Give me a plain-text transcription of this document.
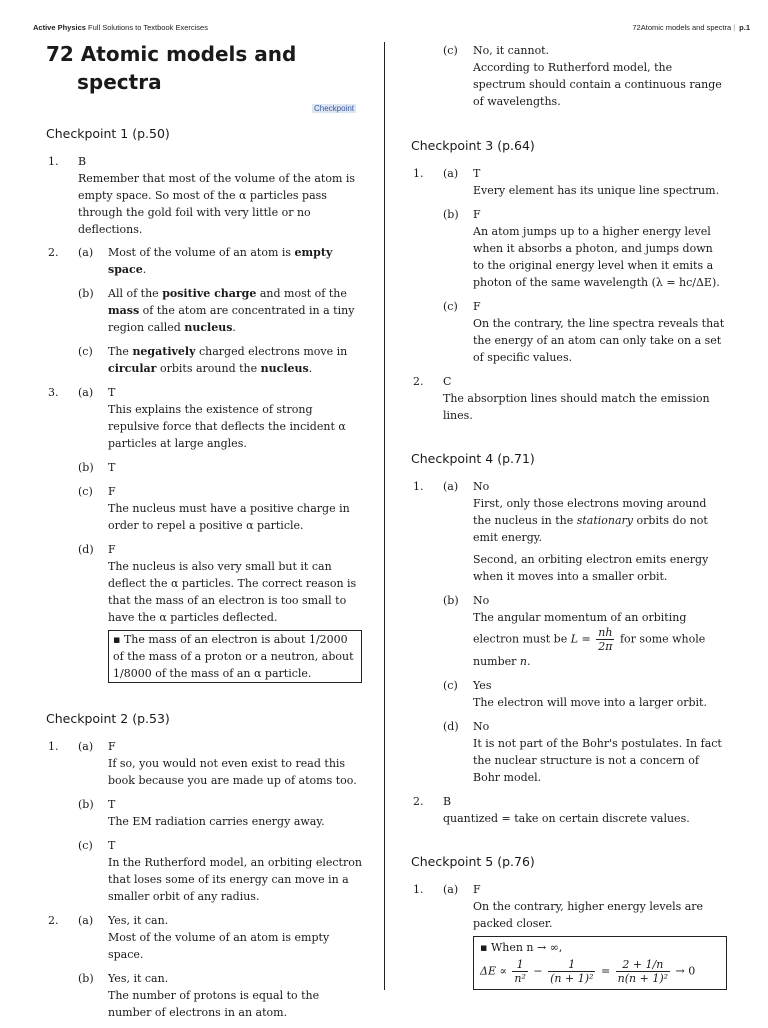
Active Physics Full Solutions to Textbook Exercises	72Atomic models and spectra | p.1
72 Atomic models and
spectra
Checkpoint
Checkpoint 1 (p.50)
1. B
Remember that most of the volume of the atom is empty space. So most of the α particles pass through the gold foil with very little or no deflections.
2. (a) Most of the volume of an atom is empty space.
(b) All of the positive charge and most of the mass of the atom are concentrated in a tiny region called nucleus.
(c) The negatively charged electrons move in circular orbits around the nucleus.
3. (a) T
This explains the existence of strong repulsive force that deflects the incident α particles at large angles.
(b) T
(c) F
The nucleus must have a positive charge in order to repel a positive α particle.
(d) F
The nucleus is also very small but it can deflect the α particles. The correct reason is that the mass of an electron is too small to have the α particles deflected.
▪ The mass of an electron is about 1/2000 of the mass of a proton or a neutron, about 1/8000 of the mass of an α particle.
Checkpoint 2 (p.53)
1. (a) F
If so, you would not even exist to read this book because you are made up of atoms too.
(b) T
The EM radiation carries energy away.
(c) T
In the Rutherford model, an orbiting electron that loses some of its energy can move in a smaller orbit of any radius.
2. (a) Yes, it can.
Most of the volume of an atom is empty space.
(b) Yes, it can.
The number of protons is equal to the number of electrons in an atom.
(c) No, it cannot.
According to Rutherford model, the spectrum should contain a continuous range of wavelengths.
Checkpoint 3 (p.64)
1. (a) T
Every element has its unique line spectrum.
(b) F
An atom jumps up to a higher energy level when it absorbs a photon, and jumps down to the original energy level when it emits a photon of the same wavelength (λ = hc/ΔE).
(c) F
On the contrary, the line spectra reveals that the energy of an atom can only take on a set of specific values.
2. C
The absorption lines should match the emission lines.
Checkpoint 4 (p.71)
1. (a) No
First, only those electrons moving around the nucleus in the stationary orbits do not emit energy.
Second, an orbiting electron emits energy when it moves into a smaller orbit.
(b) No
The angular momentum of an orbiting electron must be $L = \frac{nh}{2\pi}$ for some whole number n.
(c) Yes
The electron will move into a larger orbit.
(d) No
It is not part of the Bohr's postulates. In fact the nuclear structure is not a concern of Bohr model.
2. B
quantized = take on certain discrete values.
Checkpoint 5 (p.76)
1. (a) F
On the contrary, higher energy levels are packed closer.
▪ When n → ∞,
$\Delta E \propto \frac{1}{\text{n²}} - \frac{1}{\text{(n + 1)²}} = \frac{2 + 1/n}{\text{n(n + 1)²}} \to 0$
